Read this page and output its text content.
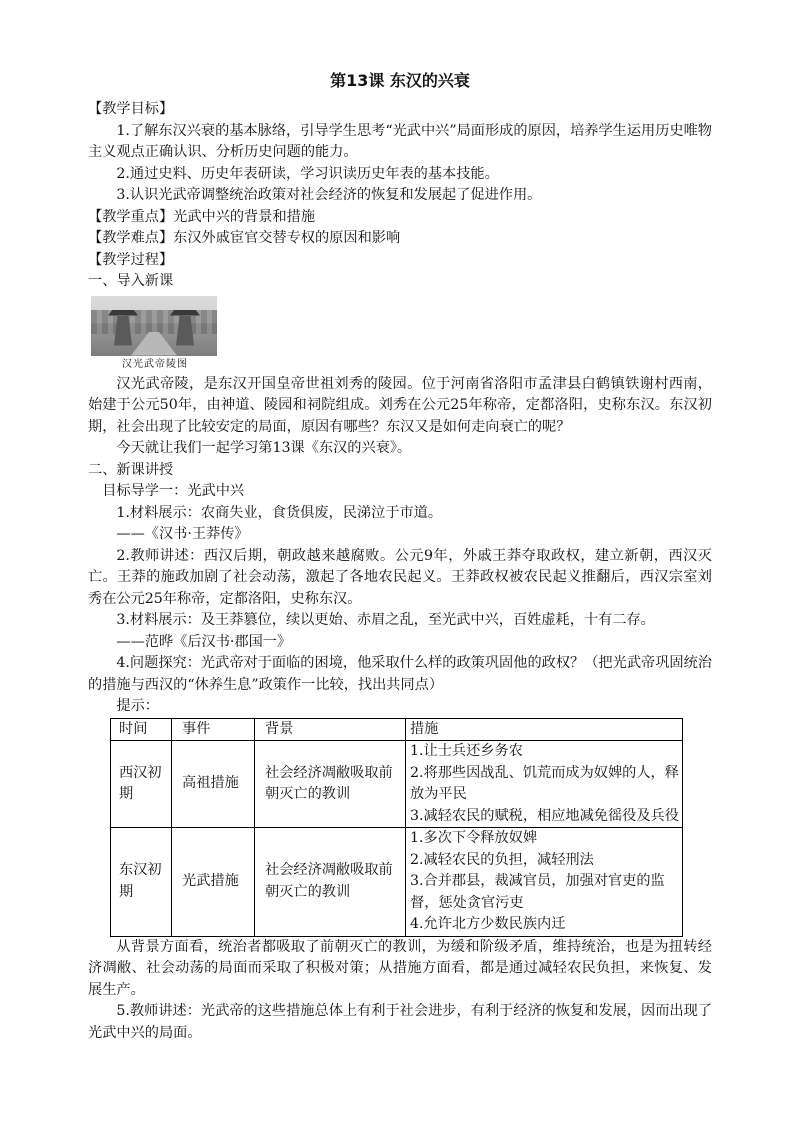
第13课 东汉的兴衰
【教学目标】

1.了解东汉兴衰的基本脉络，引导学生思考“光武中兴”局面形成的原因，培养学生运用历史唯物主义观点正确认识、分析历史问题的能力。

2.通过史料、历史年表研读，学习识读历史年表的基本技能。

3.认识光武帝调整统治政策对社会经济的恢复和发展起了促进作用。

【教学重点】光武中兴的背景和措施
【教学难点】东汉外戚宦官交替专权的原因和影响
【教学过程】
一、导入新课
汉光武帝陵图

汉光武帝陵，是东汉开国皇帝世祖刘秀的陵园。位于河南省洛阳市孟津县白鹤镇铁谢村西南，始建于公元50年，由神道、陵园和祠院组成。刘秀在公元25年称帝，定都洛阳，史称东汉。东汉初期，社会出现了比较安定的局面，原因有哪些？东汉又是如何走向衰亡的呢？

今天就让我们一起学习第13课《东汉的兴衰》。

二、新课讲授
目标导学一：光武中兴

1.材料展示：农商失业，食货俱废，民涕泣于市道。

——《汉书·王莽传》

2.教师讲述：西汉后期，朝政越来越腐败。公元9年，外戚王莽夺取政权，建立新朝，西汉灭亡。王莽的施政加剧了社会动荡，激起了各地农民起义。王莽政权被农民起义推翻后，西汉宗室刘秀在公元25年称帝，定都洛阳，史称东汉。

3.材料展示：及王莽篡位，续以更始、赤眉之乱，至光武中兴，百姓虚耗，十有二存。

——范晔《后汉书·郡国一》

4.问题探究：光武帝对于面临的困境，他采取什么样的政策巩固他的政权？（把光武帝巩固统治的措施与西汉的“休养生息”政策作一比较，找出共同点）

提示：
时间	事件	背景	措施
西汉初期	高祖措施	社会经济凋敝吸取前朝灭亡的教训	1.让士兵还乡务农
2.将那些因战乱、饥荒而成为奴婢的人，释放为平民
3.减轻农民的赋税，相应地减免徭役及兵役

东汉初期	光武措施	社会经济凋敝吸取前朝灭亡的教训	1.多次下令释放奴婢
2.减轻农民的负担，减轻刑法
3.合并郡县，裁减官员，加强对官吏的监督，惩处贪官污吏
4.允许北方少数民族内迁

从背景方面看，统治者都吸取了前朝灭亡的教训，为缓和阶级矛盾，维持统治，也是为扭转经济凋敝、社会动荡的局面而采取了积极对策；从措施方面看，都是通过减轻农民负担，来恢复、发展生产。

5.教师讲述：光武帝的这些措施总体上有利于社会进步，有利于经济的恢复和发展，因而出现了光武中兴的局面。
